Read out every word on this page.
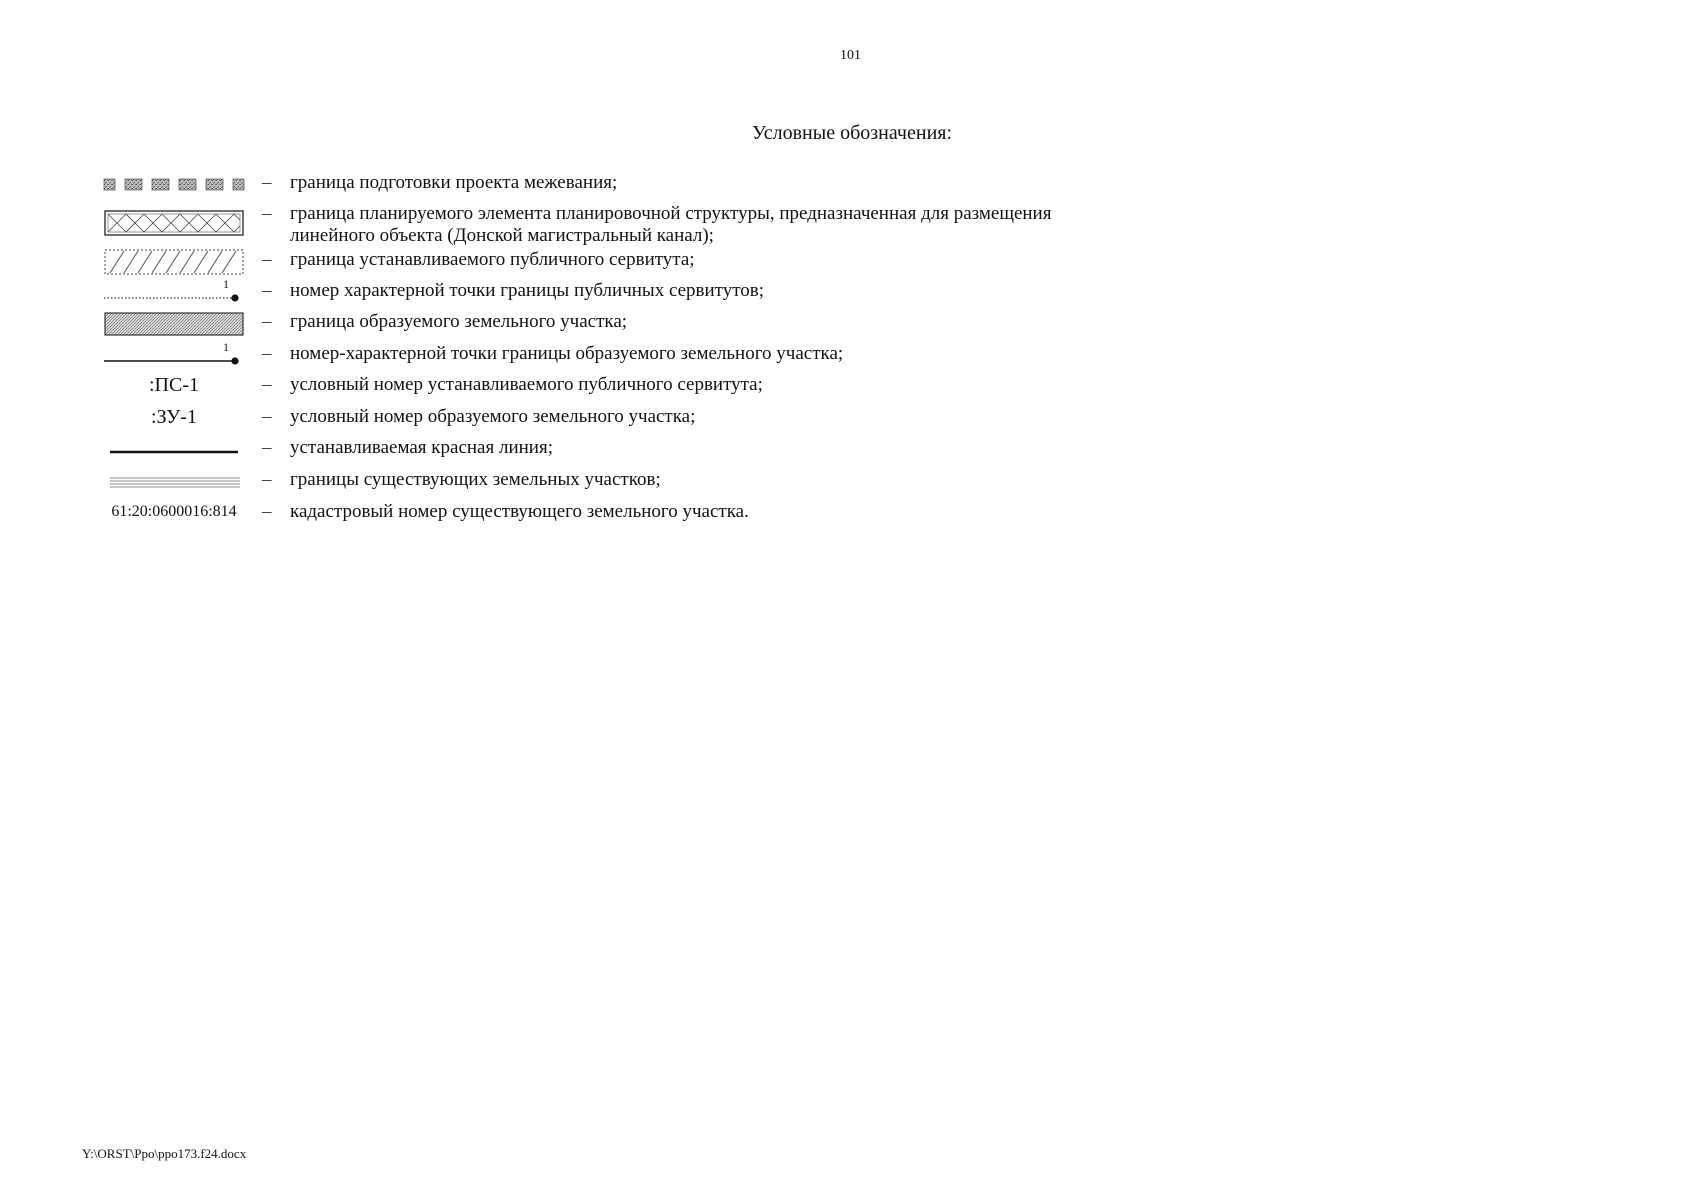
101
Условные обозначения:
– граница подготовки проекта межевания;
– граница планируемого элемента планировочной структуры, предназначенная для размещения
линейного объекта (Донской магистральный канал);
– граница устанавливаемого публичного сервитута;
1 – номер характерной точки границы публичных сервитутов;
– граница образуемого земельного участка;
1 – номер-характерной точки границы образуемого земельного участка;
:ПС-1	– условный номер устанавливаемого публичного сервитута;
:ЗУ-1	– условный номер образуемого земельного участка;
– устанавливаемая красная линия;
– границы существующих земельных участков;
61:20:0600016:814	– кадастровый номер существующего земельного участка.
Y:\ORST\Ppo\ppo173.f24.docx
